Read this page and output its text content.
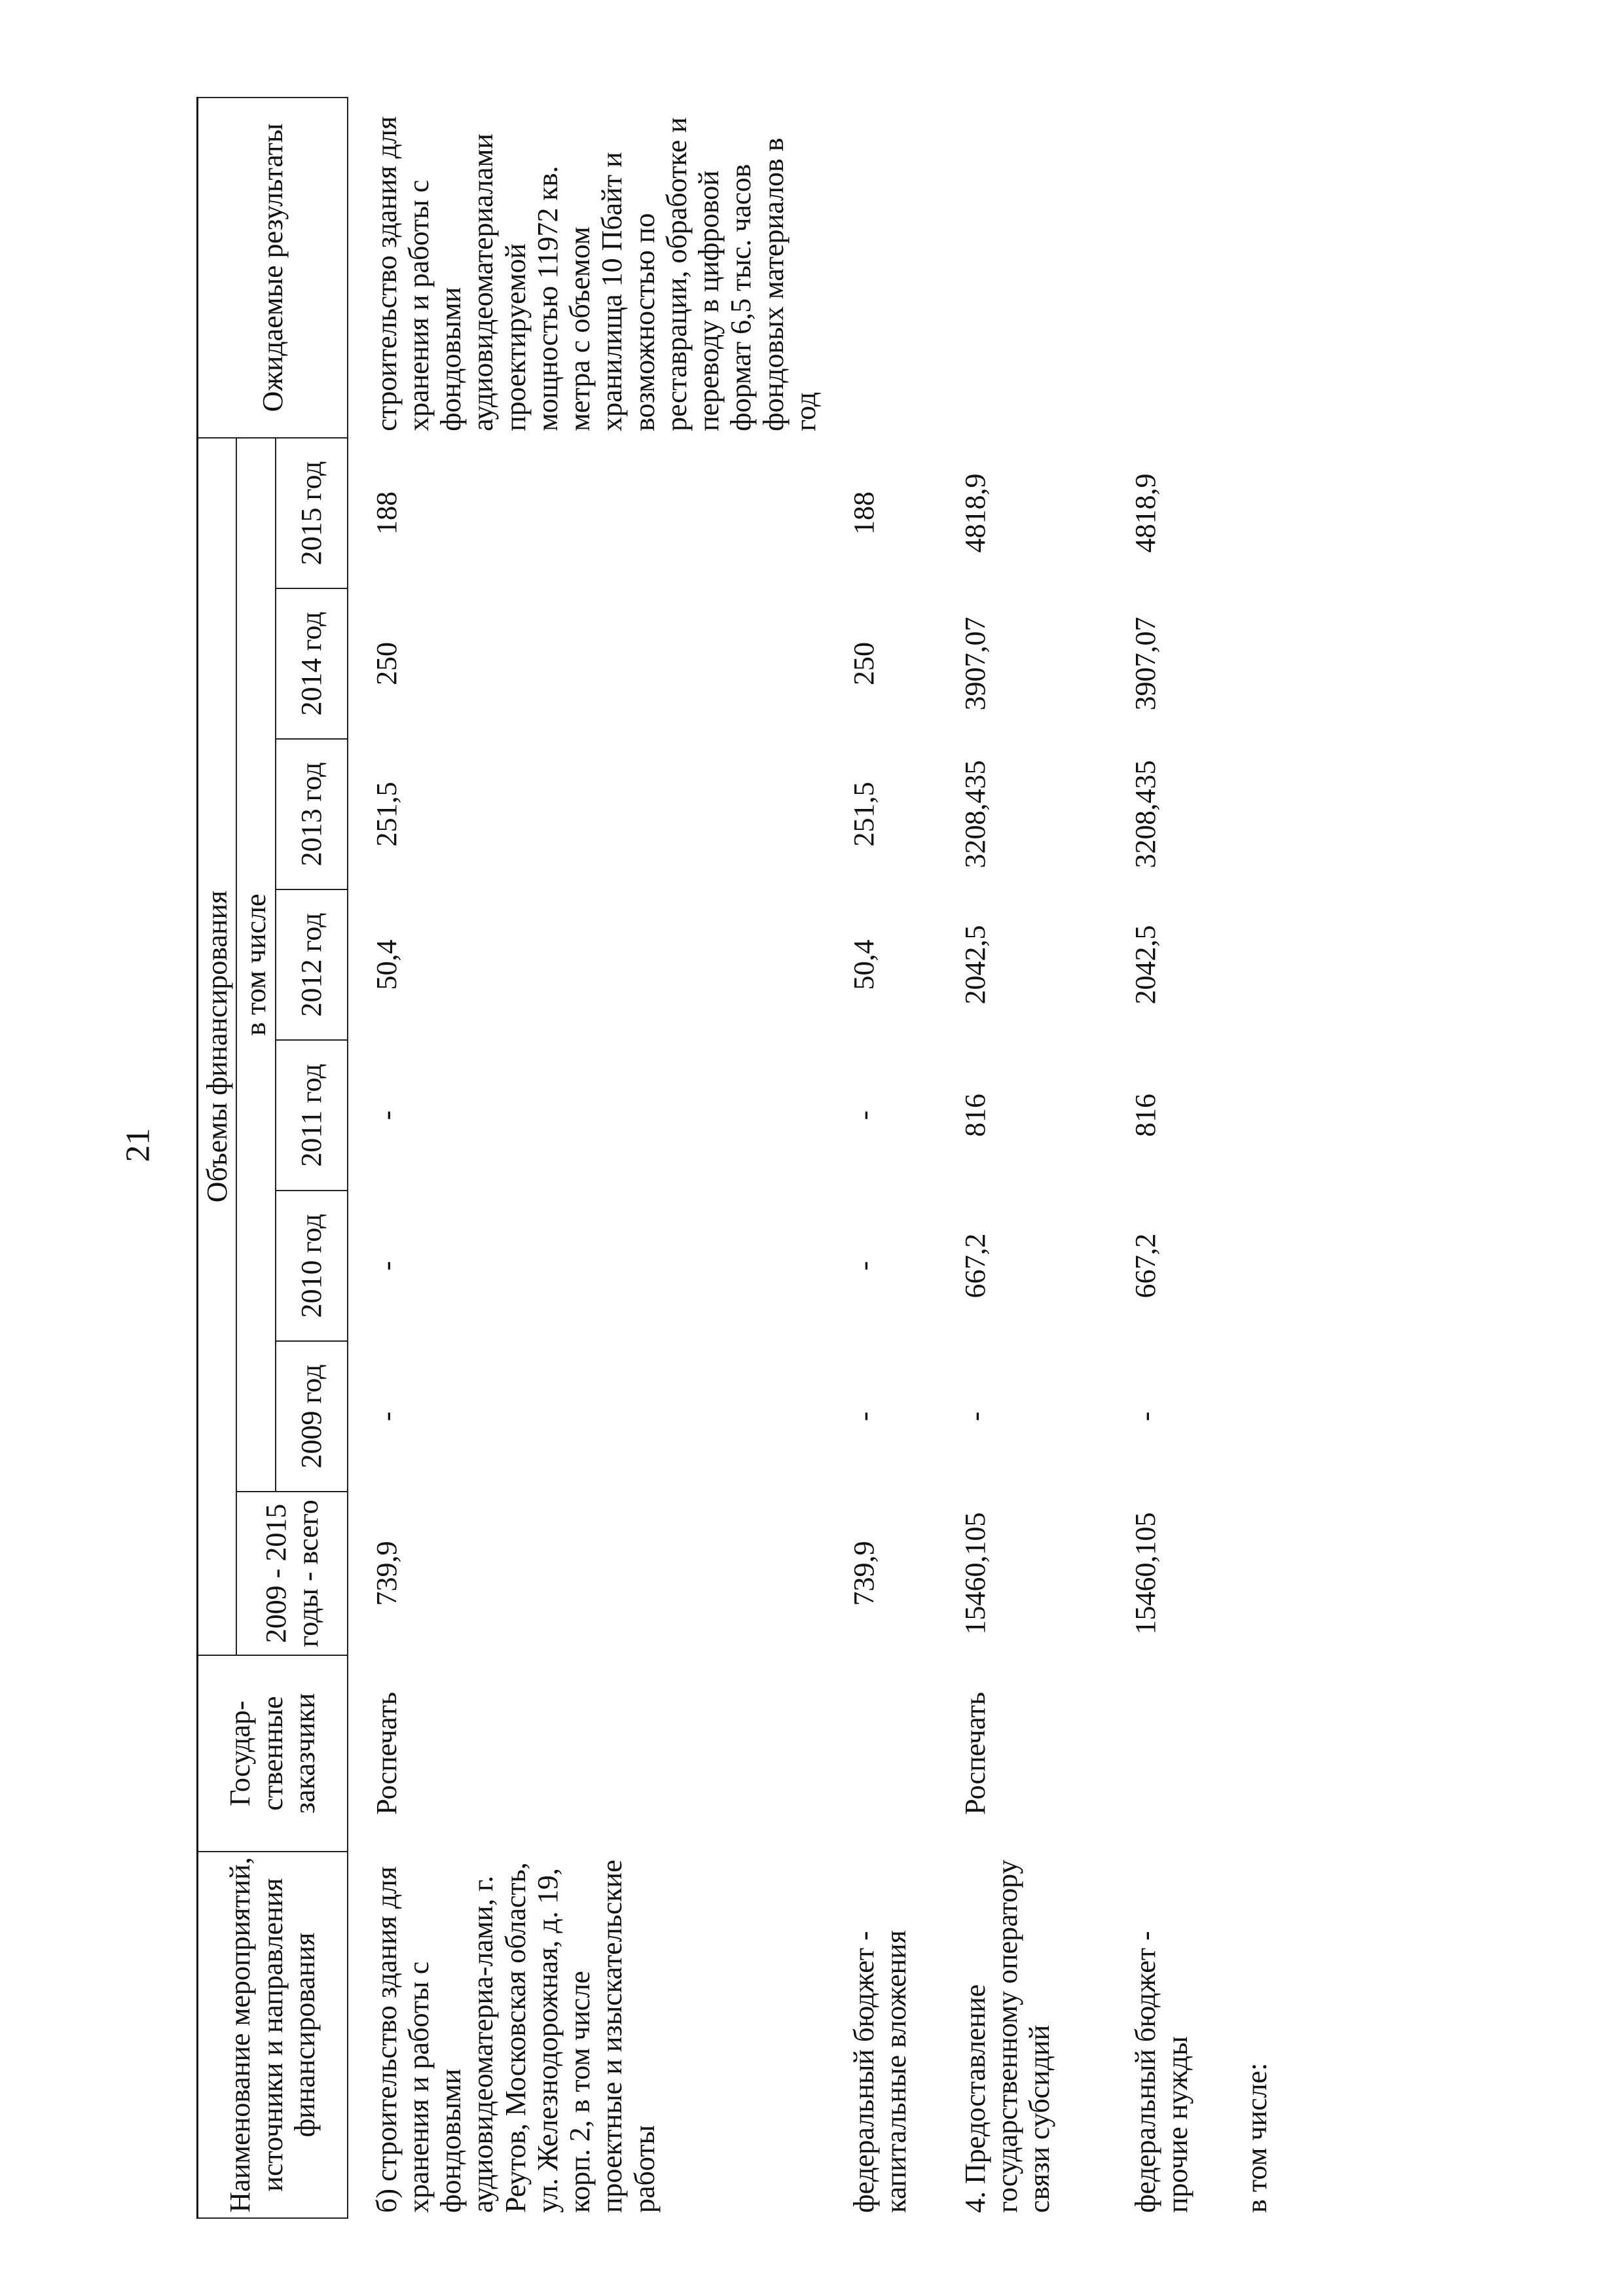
21
Наименование мероприятий, источники и направления финансирования	Государ-ственные заказчики	Объемы финансирования								Ожидаемые результаты
		2009 - 2015 годы - всего	в том числе							
			2009 год	2010 год	2011 год	2012 год	2013 год	2014 год	2015 год	
б) строительство здания для хранения и работы с фондовыми аудиовидеоматериа-лами, г. Реутов, Московская область, ул. Железнодорожная, д. 19, корп. 2, в том числе проектные и изыскательские работы	Роспечать	739,9	-	-	-	50,4	251,5	250	188	строительство здания для хранения и работы с фондовыми аудиовидеоматериалами проектируемой мощностью 11972 кв. метра с объемом хранилища 10 Пбайт и возможностью по реставрации, обработке и переводу в цифровой формат 6,5 тыс. часов фондовых материалов в год
федеральный бюджет - капитальные вложения		739,9	-	-	-	50,4	251,5	250	188	
4. Предоставление государственному оператору связи субсидий	Роспечать	15460,105	-	667,2	816	2042,5	3208,435	3907,07	4818,9	
федеральный бюджет - прочие нужды		15460,105	-	667,2	816	2042,5	3208,435	3907,07	4818,9	
в том числе:										
